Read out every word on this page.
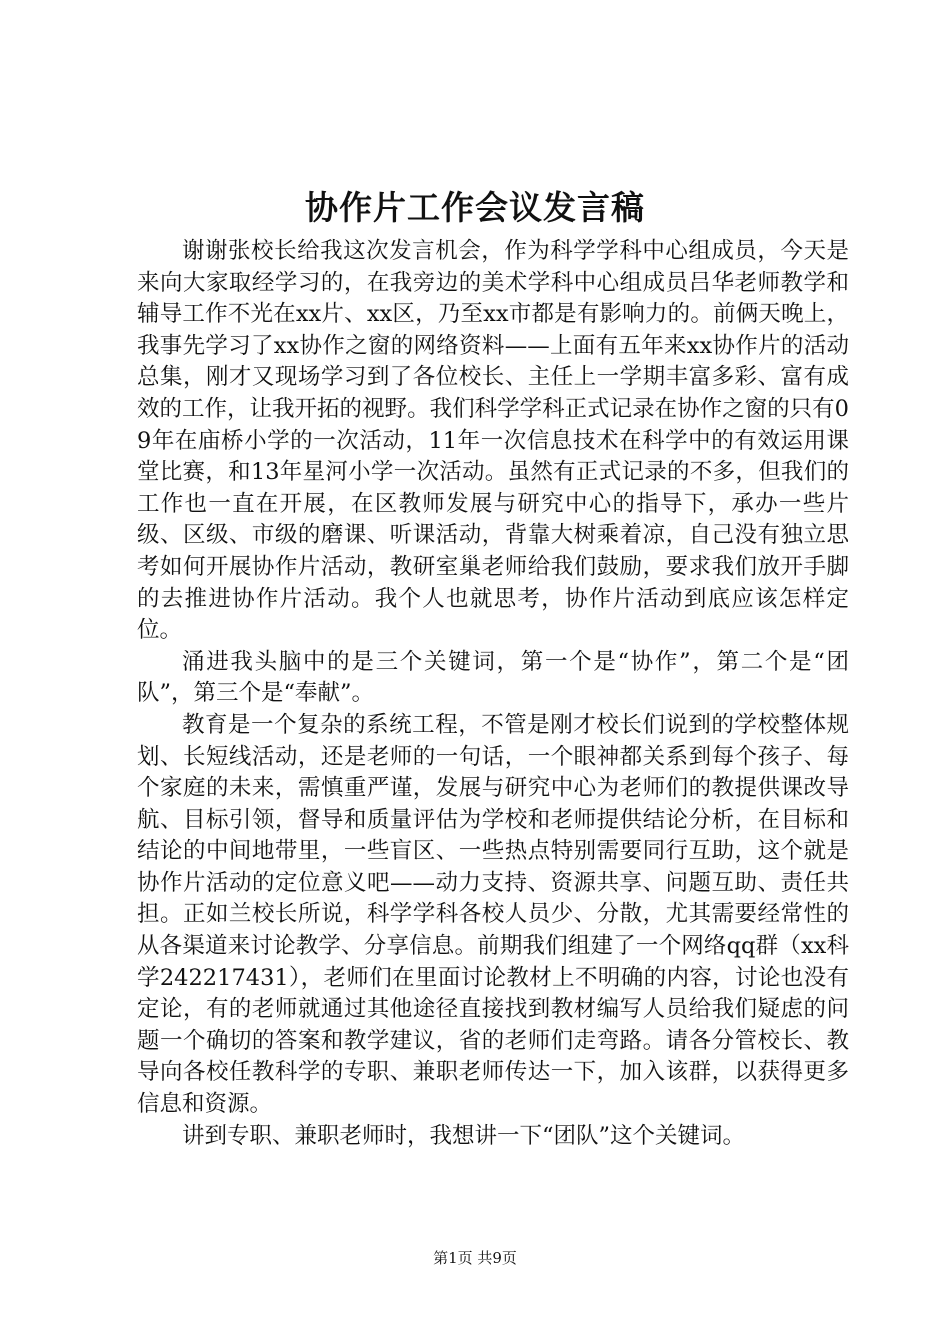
协作片工作会议发言稿

谢谢张校长给我这次发言机会，作为科学学科中心组成员，今天是来向大家取经学习的，在我旁边的美术学科中心组成员吕华老师教学和辅导工作不光在xx片、xx区，乃至xx市都是有影响力的。前俩天晚上，我事先学习了xx协作之窗的网络资料——上面有五年来xx协作片的活动总集，刚才又现场学习到了各位校长、主任上一学期丰富多彩、富有成效的工作，让我开拓的视野。我们科学学科正式记录在协作之窗的只有09年在庙桥小学的一次活动，11年一次信息技术在科学中的有效运用课堂比赛，和13年星河小学一次活动。虽然有正式记录的不多，但我们的工作也一直在开展，在区教师发展与研究中心的指导下，承办一些片级、区级、市级的磨课、听课活动，背靠大树乘着凉，自己没有独立思考如何开展协作片活动，教研室巢老师给我们鼓励，要求我们放开手脚的去推进协作片活动。我个人也就思考，协作片活动到底应该怎样定位。

涌进我头脑中的是三个关键词，第一个是“协作”，第二个是“团队”，第三个是“奉献”。

教育是一个复杂的系统工程，不管是刚才校长们说到的学校整体规划、长短线活动，还是老师的一句话，一个眼神都关系到每个孩子、每个家庭的未来，需慎重严谨，发展与研究中心为老师们的教提供课改导航、目标引领，督导和质量评估为学校和老师提供结论分析，在目标和结论的中间地带里，一些盲区、一些热点特别需要同行互助，这个就是协作片活动的定位意义吧——动力支持、资源共享、问题互助、责任共担。正如兰校长所说，科学学科各校人员少、分散，尤其需要经常性的从各渠道来讨论教学、分享信息。前期我们组建了一个网络qq群（xx科学242217431），老师们在里面讨论教材上不明确的内容，讨论也没有定论，有的老师就通过其他途径直接找到教材编写人员给我们疑虑的问题一个确切的答案和教学建议，省的老师们走弯路。请各分管校长、教导向各校任教科学的专职、兼职老师传达一下，加入该群，以获得更多信息和资源。

讲到专职、兼职老师时，我想讲一下“团队”这个关键词。

第1页 共9页
